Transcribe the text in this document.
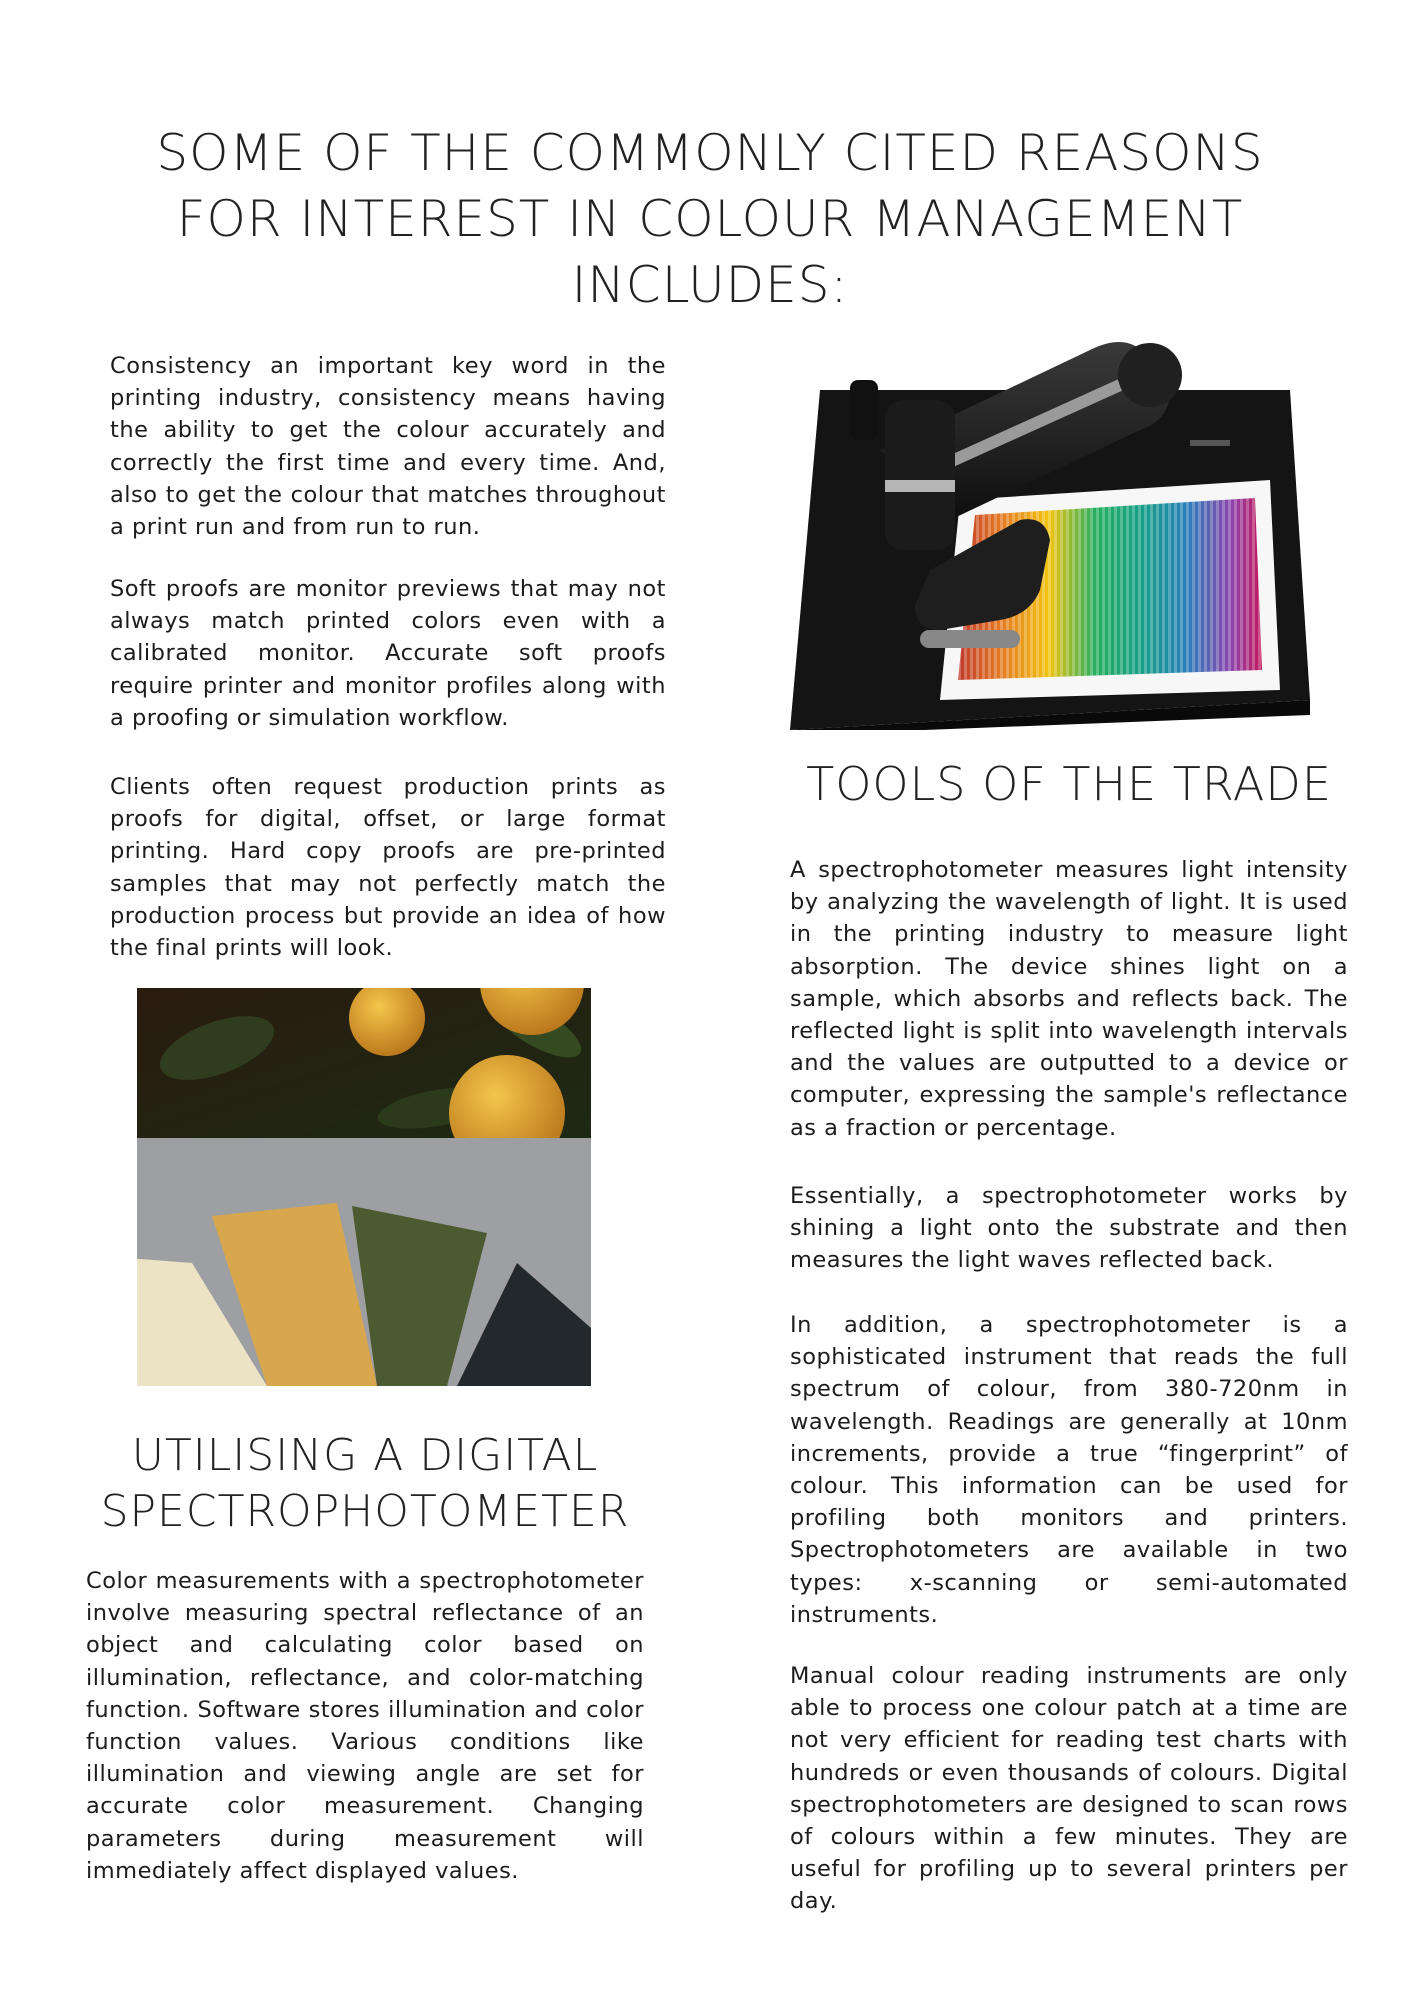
SOME OF THE COMMONLY CITED REASONS FOR INTEREST IN COLOUR MANAGEMENT INCLUDES:

Consistency an important key word in the printing industry, consistency means having the ability to get the colour accurately and correctly the first time and every time. And, also to get the colour that matches throughout a print run and from run to run.

Soft proofs are monitor previews that may not always match printed colors even with a calibrated monitor. Accurate soft proofs require printer and monitor profiles along with a proofing or simulation workflow.

Clients often request production prints as proofs for digital, offset, or large format printing. Hard copy proofs are pre-printed samples that may not perfectly match the production process but provide an idea of how the final prints will look.

TOOLS OF THE TRADE

A spectrophotometer measures light intensity by analyzing the wavelength of light. It is used in the printing industry to measure light absorption. The device shines light on a sample, which absorbs and reflects back. The reflected light is split into wavelength intervals and the values are outputted to a device or computer, expressing the sample's reflectance as a fraction or percentage.

Essentially, a spectrophotometer works by shining a light onto the substrate and then measures the light waves reflected back.

In addition, a spectrophotometer is a sophisticated instrument that reads the full spectrum of colour, from 380-720nm in wavelength. Readings are generally at 10nm increments, provide a true “fingerprint” of colour. This information can be used for profiling both monitors and printers. Spectrophotometers are available in two types: x-scanning or semi-automated instruments.

Manual colour reading instruments are only able to process one colour patch at a time are not very efficient for reading test charts with hundreds or even thousands of colours. Digital spectrophotometers are designed to scan rows of colours within a few minutes. They are useful for profiling up to several printers per day.

UTILISING A DIGITAL SPECTROPHOTOMETER

Color measurements with a spectrophotometer involve measuring spectral reflectance of an object and calculating color based on illumination, reflectance, and color-matching function. Software stores illumination and color function values. Various conditions like illumination and viewing angle are set for accurate color measurement. Changing parameters during measurement will immediately affect displayed values.
